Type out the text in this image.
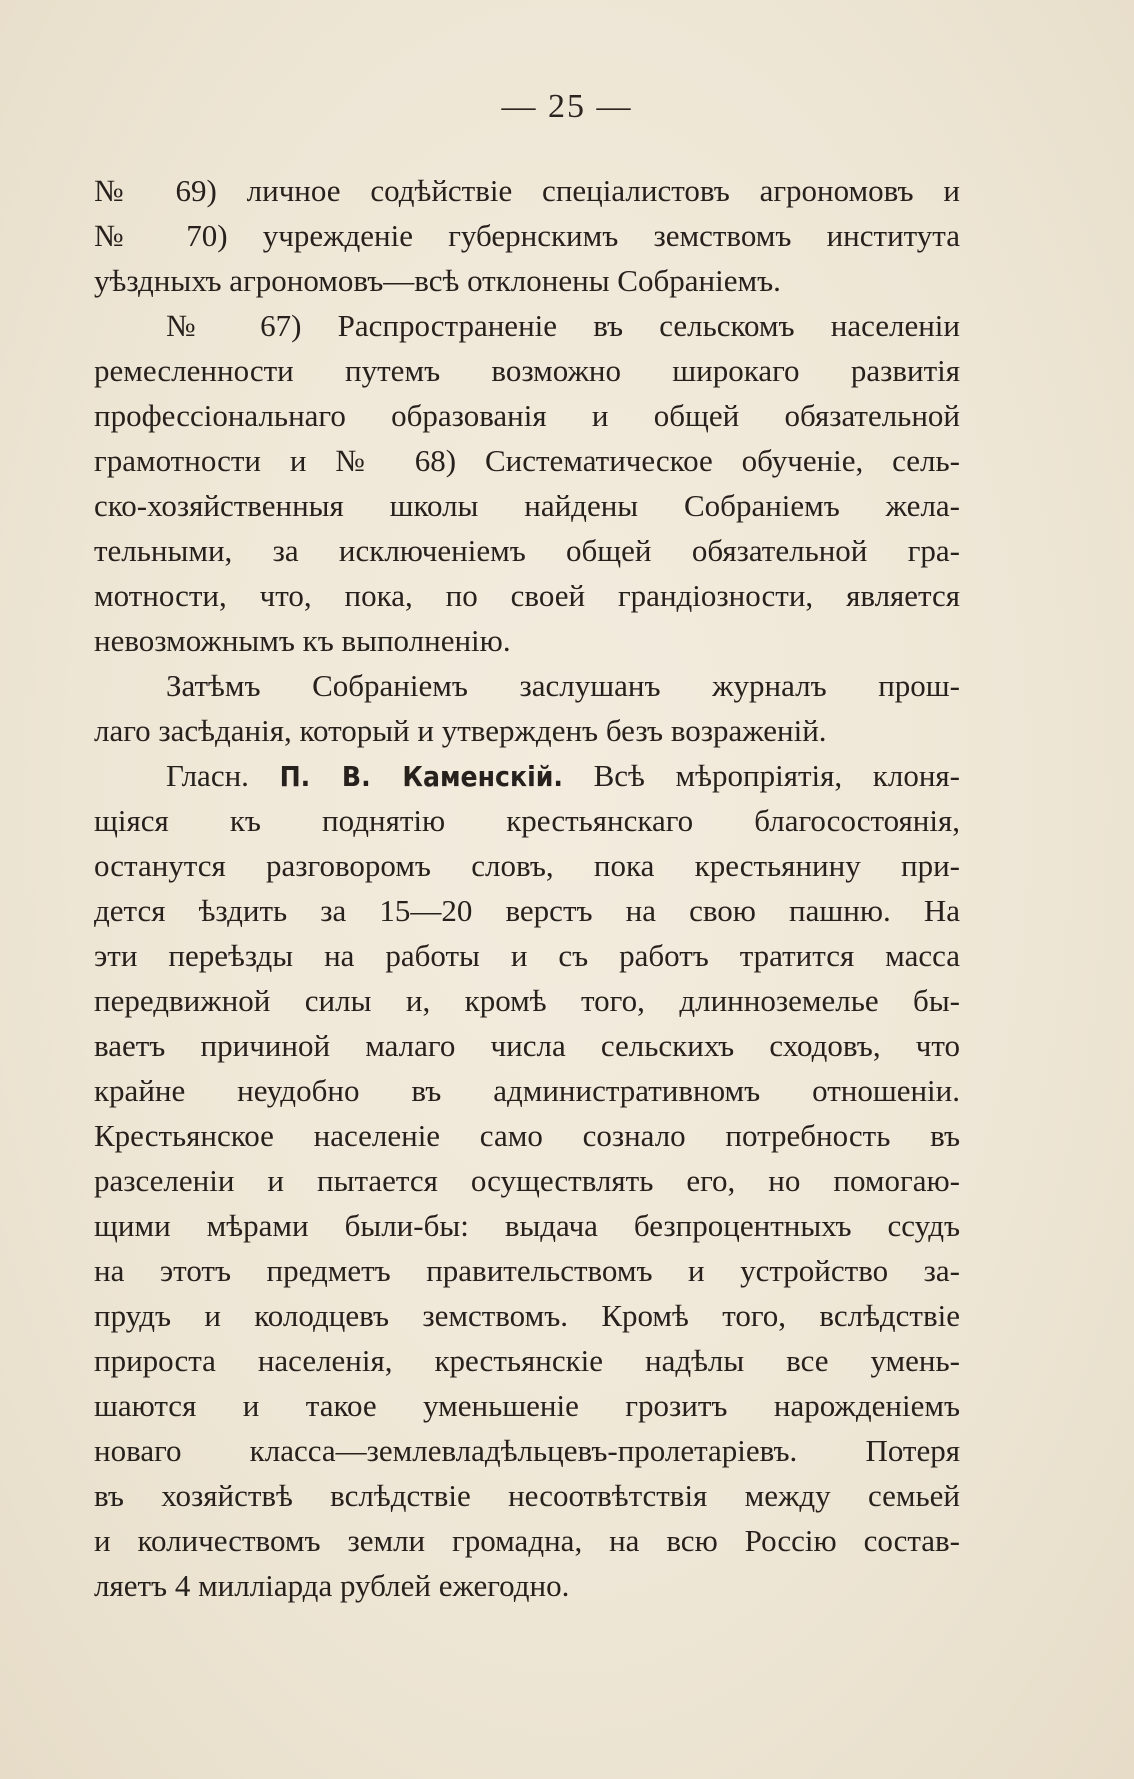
— 25 —
№ 69) личное содѣйствіе спеціалистовъ агрономовъ и
№ 70) учрежденіе губернскимъ земствомъ института
уѣздныхъ агрономовъ—всѣ отклонены Собраніемъ.
№ 67) Распространеніе въ сельскомъ населеніи
ремесленности путемъ возможно широкаго развитія
профессіональнаго образованія и общей обязательной
грамотности и № 68) Систематическое обученіе, сель-
ско-хозяйственныя школы найдены Собраніемъ жела-
тельными, за исключеніемъ общей обязательной гра-
мотности, что, пока, по своей грандіозности, является
невозможнымъ къ выполненію.
Затѣмъ Собраніемъ заслушанъ журналъ прош-
лаго засѣданія, который и утвержденъ безъ возраженій.
Гласн. П. В. Каменскій. Всѣ мѣропріятія, клоня-
щіяся къ поднятію крестьянскаго благосостоянія,
останутся разговоромъ словъ, пока крестьянину при-
дется ѣздить за 15—20 верстъ на свою пашню. На
эти переѣзды на работы и съ работъ тратится масса
передвижной силы и, кромѣ того, длинноземелье бы-
ваетъ причиной малаго числа сельскихъ сходовъ, что
крайне неудобно въ административномъ отношеніи.
Крестьянское населеніе само сознало потребность въ
разселеніи и пытается осуществлять его, но помогаю-
щими мѣрами были-бы: выдача безпроцентныхъ ссудъ
на этотъ предметъ правительствомъ и устройство за-
прудъ и колодцевъ земствомъ. Кромѣ того, вслѣдствіе
прироста населенія, крестьянскіе надѣлы все умень-
шаются и такое уменьшеніе грозитъ нарожденіемъ
новаго класса—землевладѣльцевъ-пролетаріевъ. Потеря
въ хозяйствѣ вслѣдствіе несоотвѣтствія между семьей
и количествомъ земли громадна, на всю Россію состав-
ляетъ 4 милліарда рублей ежегодно.
